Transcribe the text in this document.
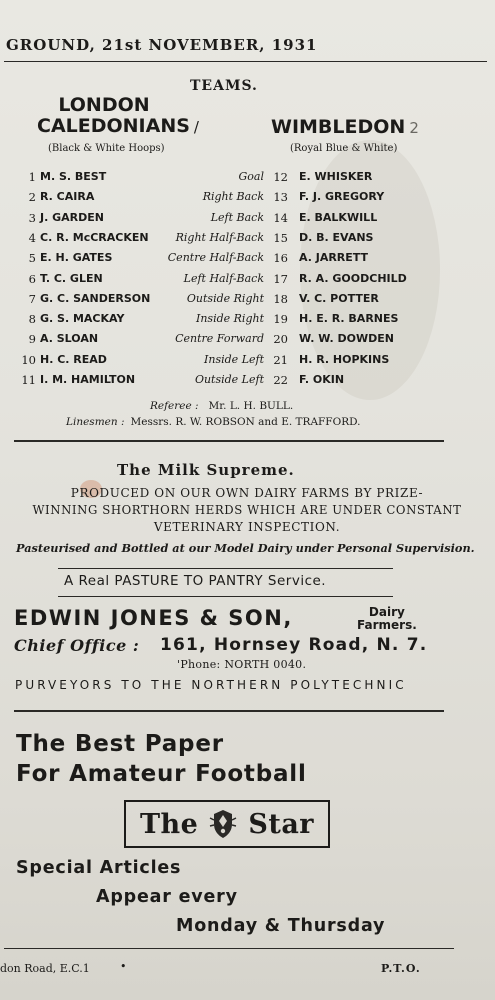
GROUND, 21st NOVEMBER, 1931
TEAMS.
LONDON
CALEDONIANS /
(Black & White Hoops)
WIMBLEDON 2
(Royal Blue & White)
1 M. S. BEST	Goal 12 E. WHISKER
2 R. CAIRA	Right Back 13 F. J. GREGORY
3 J. GARDEN	Left Back 14 E. BALKWILL
4 C. R. McCRACKEN	Right Half-Back 15 D. B. EVANS
5 E. H. GATES	Centre Half-Back 16 A. JARRETT
6 T. C. GLEN	Left Half-Back 17 R. A. GOODCHILD
7 G. C. SANDERSON	Outside Right 18 V. C. POTTER
8 G. S. MACKAY	Inside Right 19 H. E. R. BARNES
9 A. SLOAN	Centre Forward 20 W. W. DOWDEN
10 H. C. READ	Inside Left 21 H. R. HOPKINS
11 I. M. HAMILTON	Outside Left 22 F. OKIN
Referee : Mr. L. H. BULL.
Linesmen : Messrs. R. W. ROBSON and E. TRAFFORD.
The Milk Supreme.
PRODUCED ON OUR OWN DAIRY FARMS BY PRIZE-
WINNING SHORTHORN HERDS WHICH ARE UNDER CONSTANT
VETERINARY INSPECTION.
Pasteurised and Bottled at our Model Dairy under Personal Supervision.
A Real PASTURE TO PANTRY Service.
EDWIN JONES & SON,	Dairy
Farmers.
Chief Office : 161, Hornsey Road, N. 7.
'Phone: NORTH 0040.
PURVEYORS TO THE NORTHERN POLYTECHNIC
The Best Paper
For Amateur Football
The Star
Special Articles
Appear every
Monday & Thursday
don Road, E.C.1	•	P.T.O.
